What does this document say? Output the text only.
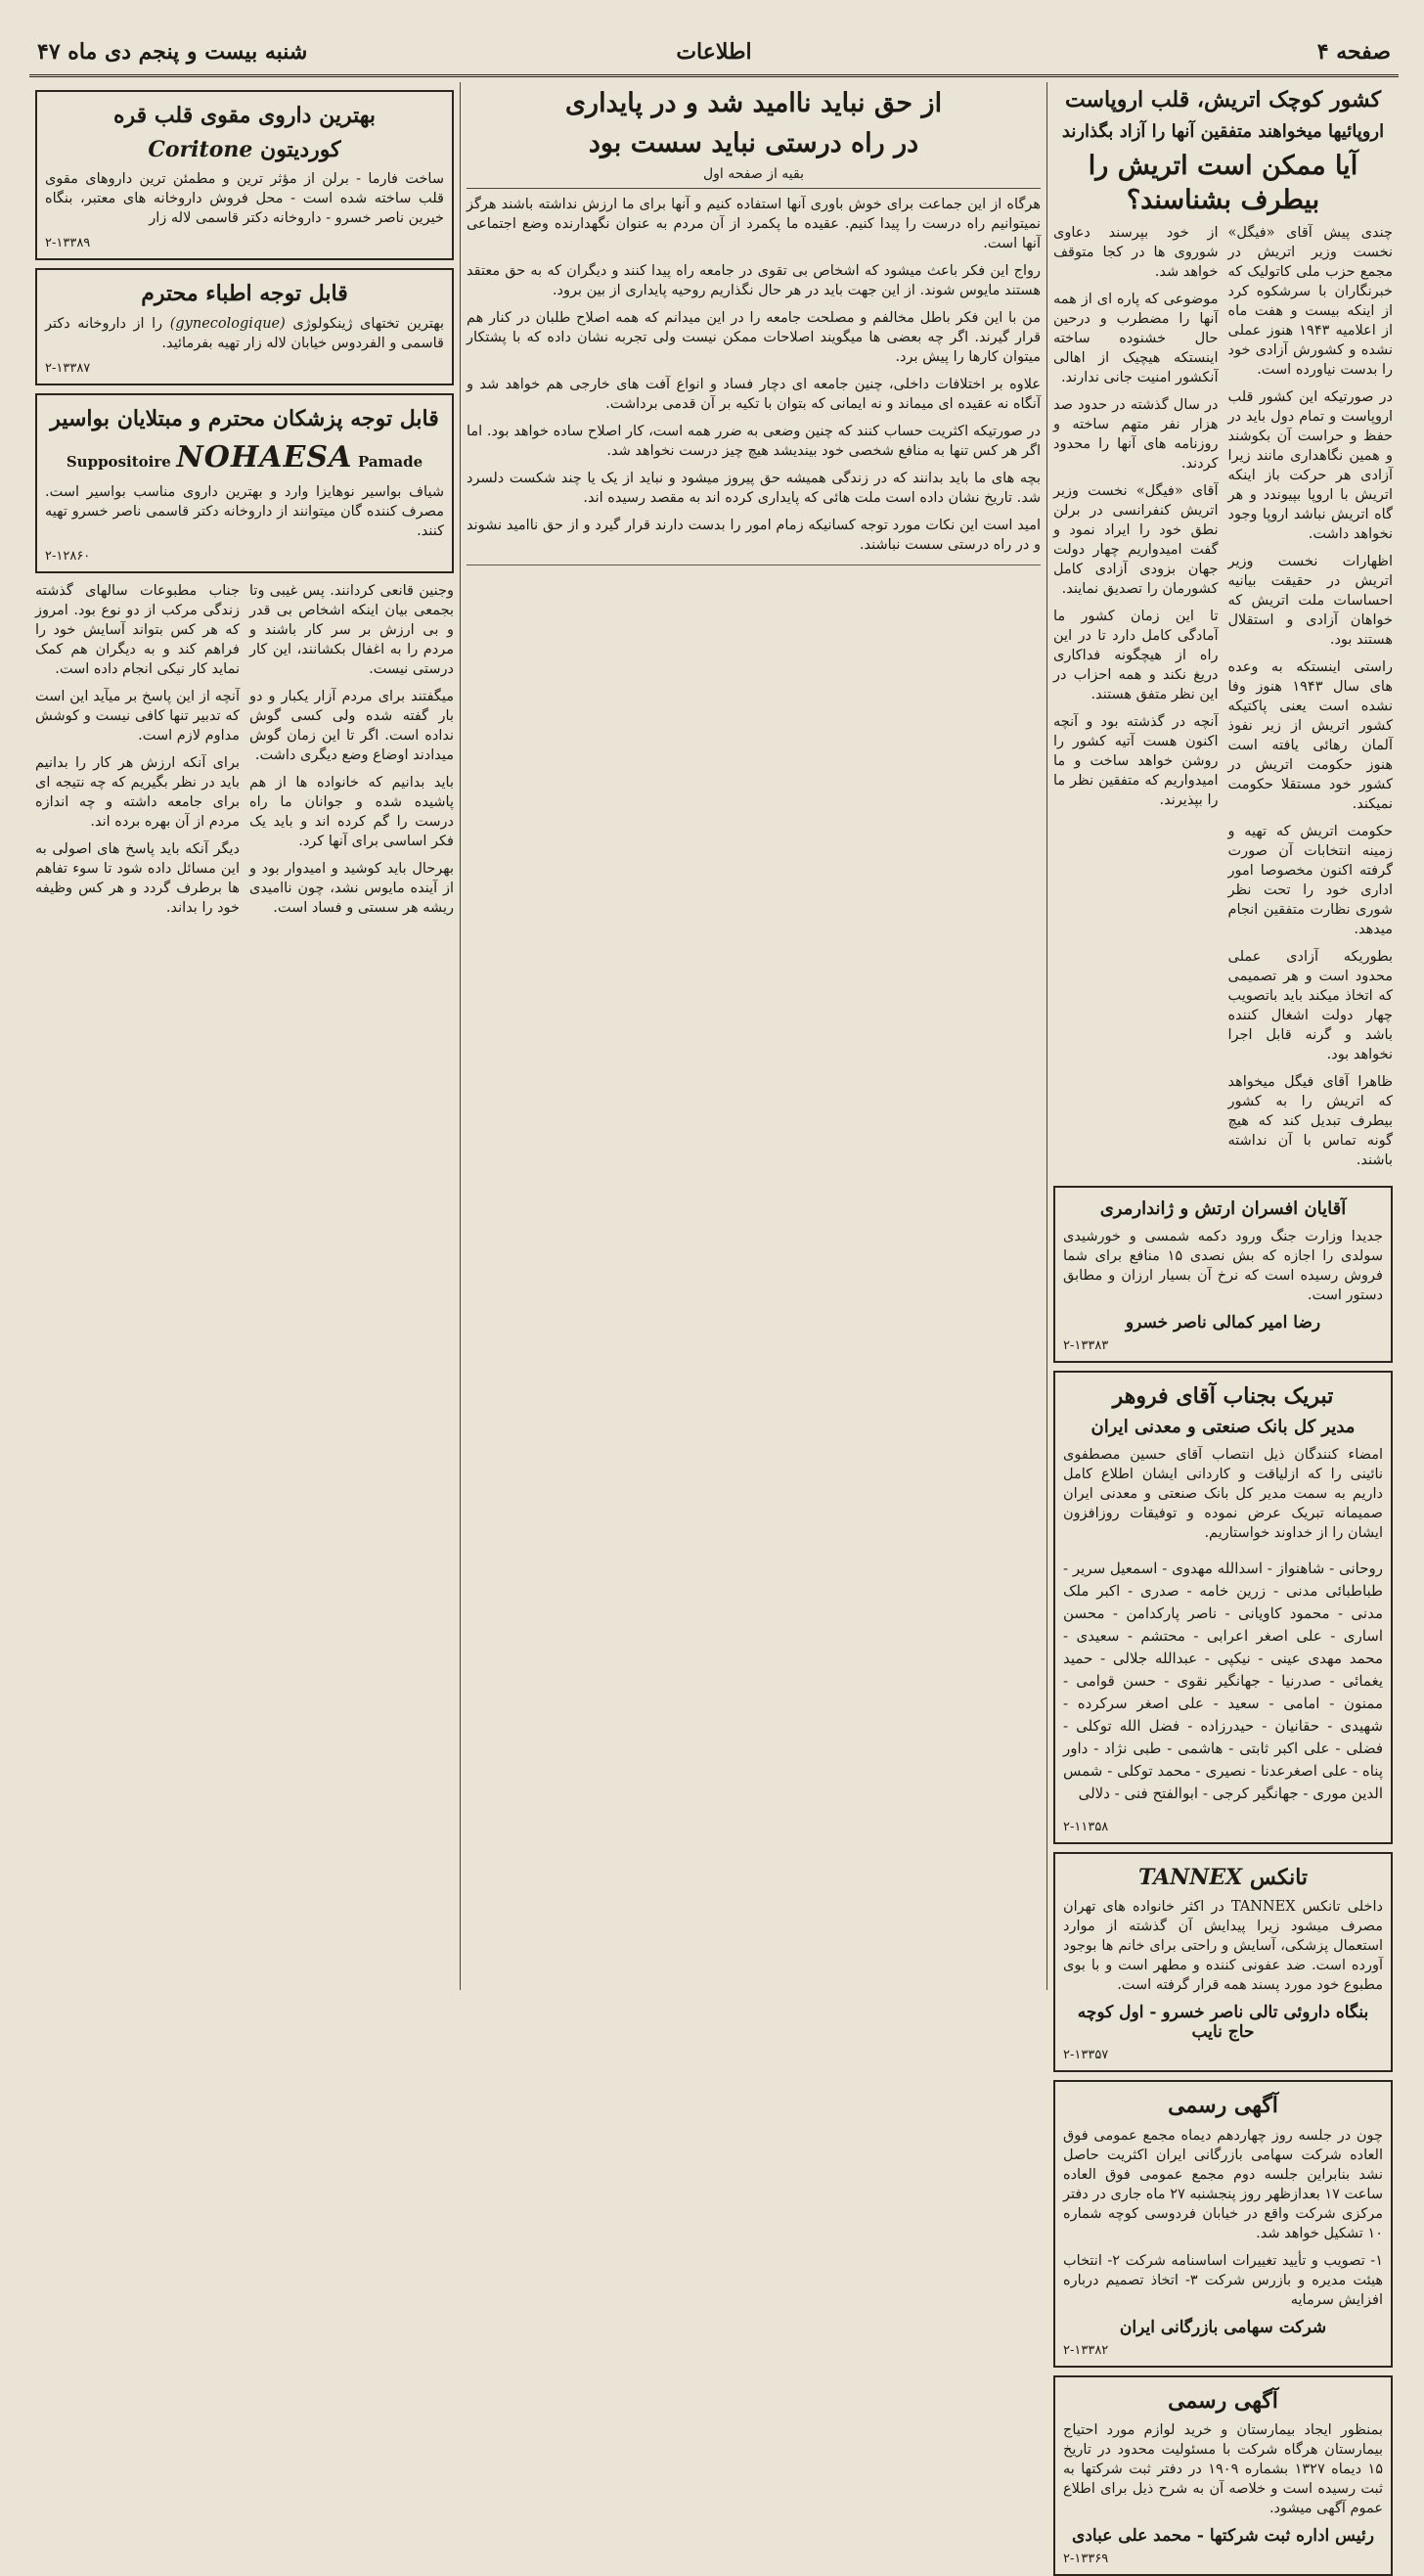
صفحه ۴
اطلاعات
شنبه بیست و پنجم دی ماه ۴۷
کشور کوچک اتریش، قلب اروپاست
اروپائیها میخواهند متفقین آنها را آزاد بگذارند
آیا ممکن است اتریش را بیطرف بشناسند؟

چندی پیش آقای «فیگل» نخست وزیر اتریش در مجمع حزب ملی کاتولیک که خبرنگاران با سرشکوه کرد از اینکه بیست و هفت ماه از اعلامیه ۱۹۴۳ هنوز عملی نشده و کشورش آزادی خود را بدست نیاورده است.

در صورتیکه این کشور قلب اروپاست و تمام دول باید در حفظ و حراست آن بکوشند و همین نگاهداری مانند زیرا آزادی هر حرکت باز اینکه اتریش با اروپا بپیوندد و هر گاه اتریش نباشد اروپا وجود نخواهد داشت.

اظهارات نخست وزیر اتریش در حقیقت بیانیه احساسات ملت اتریش که خواهان آزادی و استقلال هستند بود.

راستی اینستکه به وعده های سال ۱۹۴۳ هنوز وفا نشده است یعنی پاکتیکه کشور اتریش از زیر نفوذ آلمان رهائی یافته است هنوز حکومت اتریش در کشور خود مستقلا حکومت نمیکند.

حکومت اتریش که تهیه و زمینه انتخابات آن صورت گرفته اکنون مخصوصا امور اداری خود را تحت نظر شوری نظارت متفقین انجام میدهد.

بطوریکه آزادی عملی محدود است و هر تصمیمی که اتخاذ میکند باید باتصویب چهار دولت اشغال کننده باشد و گرنه قابل اجرا نخواهد بود.

ظاهرا آقای فیگل میخواهد که اتریش را به کشور بیطرف تبدیل کند که هیچ گونه تماس با آن نداشته باشند.

از خود بپرسند دعاوی شوروی ها در کجا متوقف خواهد شد.

موضوعی که پاره ای از همه آنها را مضطرب و درحین حال خشنوده ساخته اینستکه هیچیک از اهالی آنکشور امنیت جانی ندارند.

در سال گذشته در حدود صد هزار نفر متهم ساخته و روزنامه های آنها را محدود کردند.

آقای «فیگل» نخست وزیر اتریش کنفرانسی در برلن نطق خود را ایراد نمود و گفت امیدواریم چهار دولت جهان بزودی آزادی کامل کشورمان را تصدیق نمایند.

تا این زمان کشور ما آمادگی کامل دارد تا در این راه از هیچگونه فداکاری دریغ نکند و همه احزاب در این نظر متفق هستند.

آنچه در گذشته بود و آنچه اکنون هست آتیه کشور را روشن خواهد ساخت و ما امیدواریم که متفقین نظر ما را بپذیرند.

آقایان افسران ارتش و ژاندارمری

جدیدا وزارت جنگ ورود دکمه شمسی و خورشیدی سولدی را اجازه که بش نصدی ۱۵ منافع برای شما فروش رسیده است که نرخ آن بسیار ارزان و مطابق دستور است.

رضا امیر کمالی ناصر خسرو
۲-۱۳۳۸۳
تبریک بجناب آقای فروهر
مدیر کل بانک صنعتی و معدنی ایران

امضاء کنندگان ذیل انتصاب آقای حسین مصطفوی نائینی را که ازلیاقت و کاردانی ایشان اطلاع کامل داریم به سمت مدیر کل بانک صنعتی و معدنی ایران صمیمانه تبریک عرض نموده و توفیقات روزافزون ایشان را از خداوند خواستاریم.

روحانی - شاهنواز - اسدالله مهدوی - اسمعیل سریر - طباطبائی مدنی - زرین خامه - صدری - اکبر ملک مدنی - محمود کاویانی - ناصر پارکدامن - محسن اساری - علی اصغر اعرابی - محتشم - سعیدی - محمد مهدی عینی - نیکپی - عبدالله جلالی - حمید یغمائی - صدرنیا - جهانگیر نقوی - حسن قوامی - ممنون - امامی - سعید - علی اصغر سرکرده - شهیدی - حقانیان - حیدرزاده - فضل الله توکلی - فضلی - علی اکبر ثابتی - هاشمی - طبی نژاد - داور پناه - علی اصغرعدنا - نصیری - محمد توکلی - شمس الدین موری - جهانگیر کرجی - ابوالفتح فنی - دلالی

۲-۱۱۳۵۸
تانکس TANNEX

داخلی تانکس TANNEX در اکثر خانواده های تهران مصرف میشود زیرا پیدایش آن گذشته از موارد استعمال پزشکی، آسایش و راحتی برای خانم ها بوجود آورده است. ضد عفونی کننده و مطهر است و با بوی مطبوع خود مورد پسند همه قرار گرفته است.

بنگاه داروئی تالی ناصر خسرو - اول کوچه حاج نایب
۲-۱۳۳۵۷
آگهی رسمی

چون در جلسه روز چهاردهم دیماه مجمع عمومی فوق العاده شرکت سهامی بازرگانی ایران اکثریت حاصل نشد بنابراین جلسه دوم مجمع عمومی فوق العاده ساعت ۱۷ بعدازظهر روز پنجشنبه ۲۷ ماه جاری در دفتر مرکزی شرکت واقع در خیابان فردوسی کوچه شماره ۱۰ تشکیل خواهد شد.

۱- تصویب و تأیید تغییرات اساسنامه شرکت ۲- انتخاب هیئت مدیره و بازرس شرکت ۳- اتخاذ تصمیم درباره افزایش سرمایه

شرکت سهامی بازرگانی ایران
۲-۱۳۳۸۲
آگهی رسمی

بمنظور ایجاد بیمارستان و خرید لوازم مورد احتیاج بیمارستان هرگاه شرکت با مسئولیت محدود در تاریخ ۱۵ دیماه ۱۳۲۷ بشماره ۱۹۰۹ در دفتر ثبت شرکتها به ثبت رسیده است و خلاصه آن به شرح ذیل برای اطلاع عموم آگهی میشود.

رئیس اداره ثبت شرکتها - محمد علی عبادی
۲-۱۳۳۶۹
از حق نباید ناامید شد و در پایداری
در راه درستی نباید سست بود
بقیه از صفحه اول

هرگاه از این جماعت برای خوش باوری آنها استفاده کنیم و آنها برای ما ارزش نداشته باشند هرگز نمیتوانیم راه درست را پیدا کنیم. عقیده ما پکمرد از آن مردم به عنوان نگهدارنده وضع اجتماعی آنها است.

رواج این فکر باعث میشود که اشخاص بی تقوی در جامعه راه پیدا کنند و دیگران که به حق معتقد هستند مایوس شوند. از این جهت باید در هر حال نگذاریم روحیه پایداری از بین برود.

من با این فکر باطل مخالفم و مصلحت جامعه را در این میدانم که همه اصلاح طلبان در کنار هم قرار گیرند. اگر چه بعضی ها میگویند اصلاحات ممکن نیست ولی تجربه نشان داده که با پشتکار میتوان کارها را پیش برد.

علاوه بر اختلافات داخلی، چنین جامعه ای دچار فساد و انواع آفت های خارجی هم خواهد شد و آنگاه نه عقیده ای میماند و نه ایمانی که بتوان با تکیه بر آن قدمی برداشت.

در صورتیکه اکثریت حساب کنند که چنین وضعی به ضرر همه است، کار اصلاح ساده خواهد بود. اما اگر هر کس تنها به منافع شخصی خود بیندیشد هیچ چیز درست نخواهد شد.

بچه های ما باید بدانند که در زندگی همیشه حق پیروز میشود و نباید از یک یا چند شکست دلسرد شد. تاریخ نشان داده است ملت هائی که پایداری کرده اند به مقصد رسیده اند.

امید است این نکات مورد توجه کسانیکه زمام امور را بدست دارند قرار گیرد و از حق ناامید نشوند و در راه درستی سست نباشند.

بهترین داروی مقوی قلب قره
کوردیتون Coritone

ساخت فارما - برلن از مؤثر ترین و مطمئن ترین داروهای مقوی قلب ساخته شده است - محل فروش داروخانه های معتبر، بنگاه خیرین ناصر خسرو - داروخانه دکتر قاسمی لاله زار

۲-۱۳۳۸۹
قابل توجه اطباء محترم

بهترین تختهای ژینکولوژی (gynecologique) را از داروخانه دکتر قاسمی و الفردوس خیابان لاله زار تهیه بفرمائید.

۲-۱۳۳۸۷
قابل توجه پزشکان محترم و مبتلایان بواسیر
Suppositoire NOHAESA Pamade

شیاف بواسیر نوهایزا وارد و بهترین داروی مناسب بواسیر است. مصرف کننده گان میتوانند از داروخانه دکتر قاسمی ناصر خسرو تهیه کنند.

۲-۱۲۸۶۰

وجنین قانعی کردانند. پس غیبی وتا بجمعی بیان اینکه اشخاص بی قدر و بی ارزش بر سر کار باشند و مردم را به اغفال بکشانند، این کار درستی نیست.

میگفتند برای مردم آزار یکبار و دو بار گفته شده ولی کسی گوش نداده است. اگر تا این زمان گوش میدادند اوضاع وضع دیگری داشت.

باید بدانیم که خانواده ها از هم پاشیده شده و جوانان ما راه درست را گم کرده اند و باید یک فکر اساسی برای آنها کرد.

بهرحال باید کوشید و امیدوار بود و از آینده مایوس نشد، چون ناامیدی ریشه هر سستی و فساد است.

جناب مطبوعات سالهای گذشته زندگی مرکب از دو نوع بود. امروز که هر کس بتواند آسایش خود را فراهم کند و به دیگران هم کمک نماید کار نیکی انجام داده است.

آنچه از این پاسخ بر میآید این است که تدبیر تنها کافی نیست و کوشش مداوم لازم است.

برای آنکه ارزش هر کار را بدانیم باید در نظر بگیریم که چه نتیجه ای برای جامعه داشته و چه اندازه مردم از آن بهره برده اند.

دیگر آنکه باید پاسخ های اصولی به این مسائل داده شود تا سوء تفاهم ها برطرف گردد و هر کس وظیفه خود را بداند.
